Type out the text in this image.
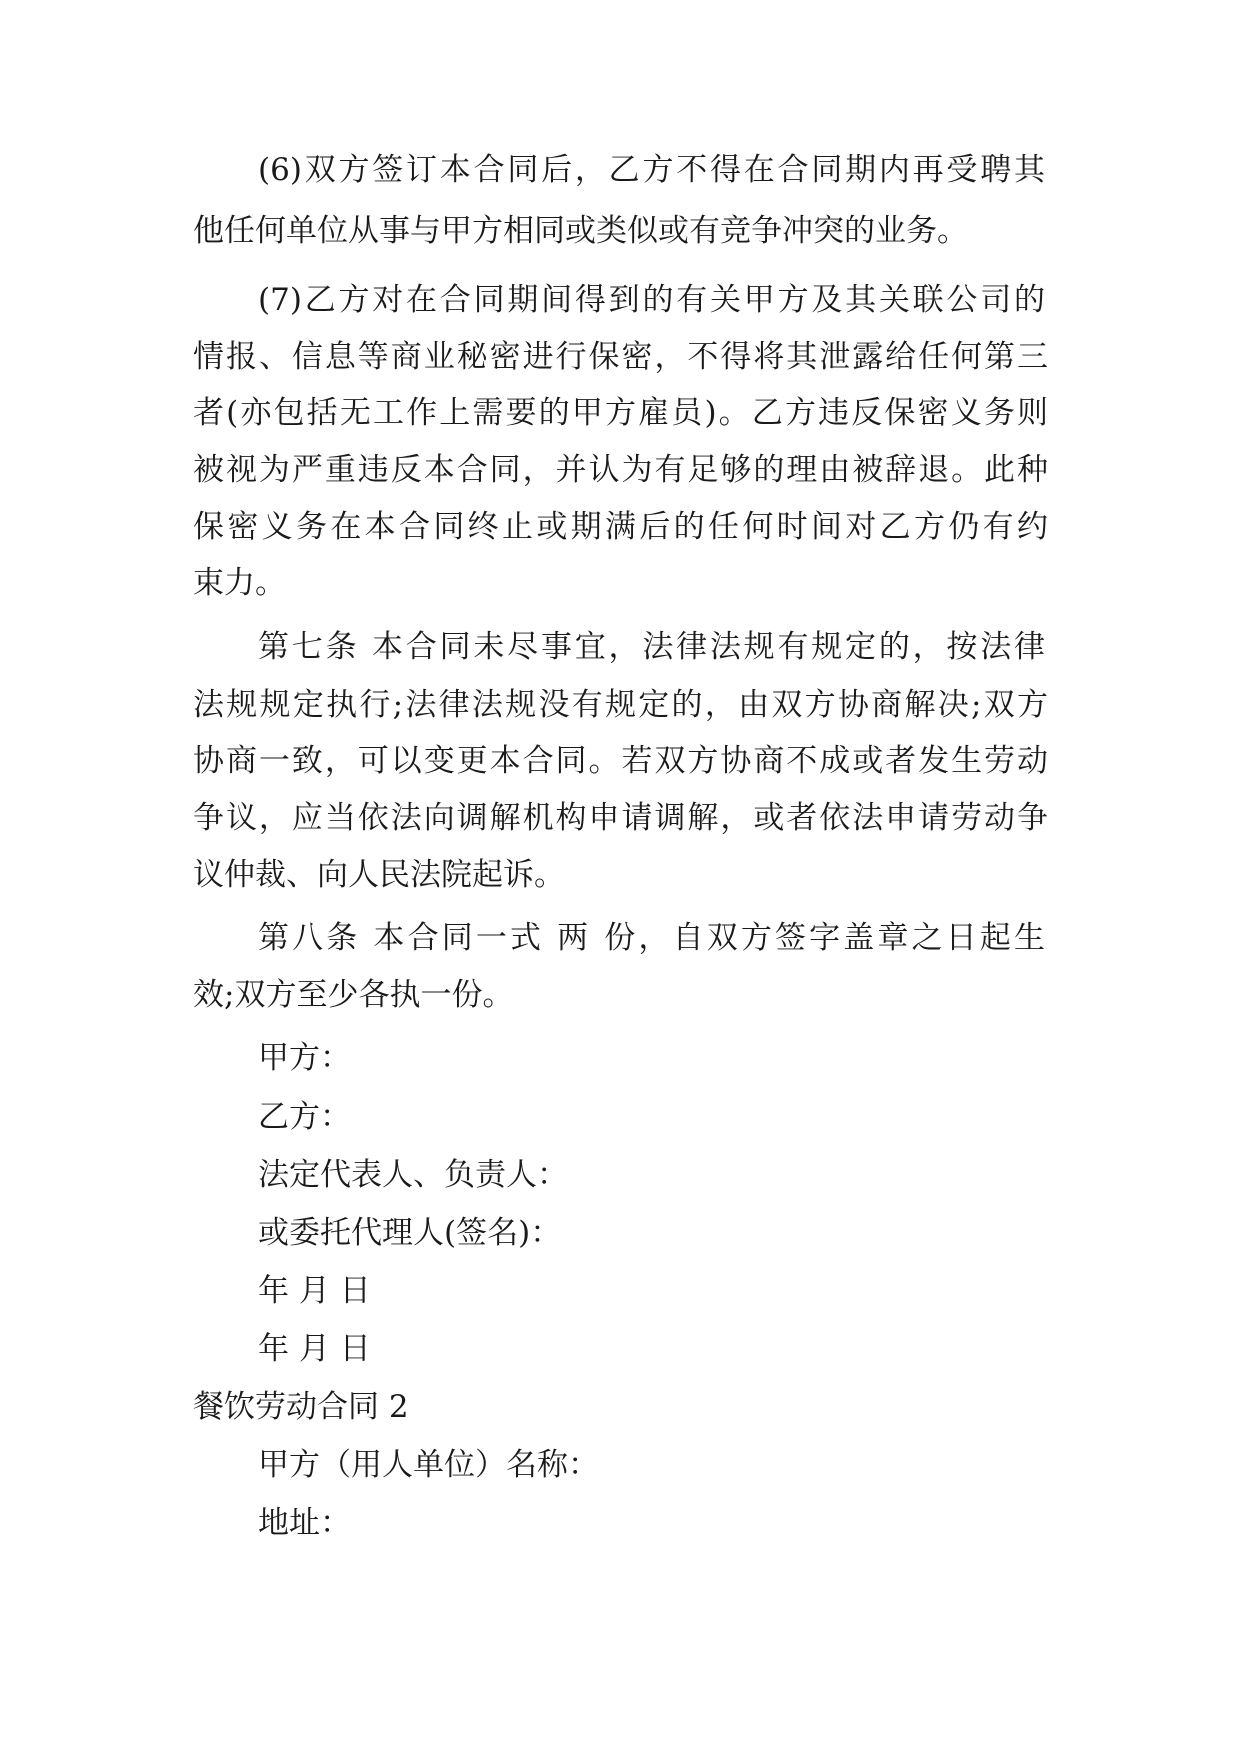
(6)双方签订本合同后，乙方不得在合同期内再受聘其
他任何单位从事与甲方相同或类似或有竞争冲突的业务。
(7)乙方对在合同期间得到的有关甲方及其关联公司的
情报、信息等商业秘密进行保密，不得将其泄露给任何第三
者(亦包括无工作上需要的甲方雇员)。乙方违反保密义务则
被视为严重违反本合同，并认为有足够的理由被辞退。此种
保密义务在本合同终止或期满后的任何时间对乙方仍有约
束力。
第七条 本合同未尽事宜，法律法规有规定的，按法律
法规规定执行;法律法规没有规定的，由双方协商解决;双方
协商一致，可以变更本合同。若双方协商不成或者发生劳动
争议，应当依法向调解机构申请调解，或者依法申请劳动争
议仲裁、向人民法院起诉。
第八条 本合同一式 两 份，自双方签字盖章之日起生
效;双方至少各执一份。
甲方：
乙方：
法定代表人、负责人：
或委托代理人(签名)：
年 月 日
年 月 日
餐饮劳动合同 2
甲方（用人单位）名称：
地址：
